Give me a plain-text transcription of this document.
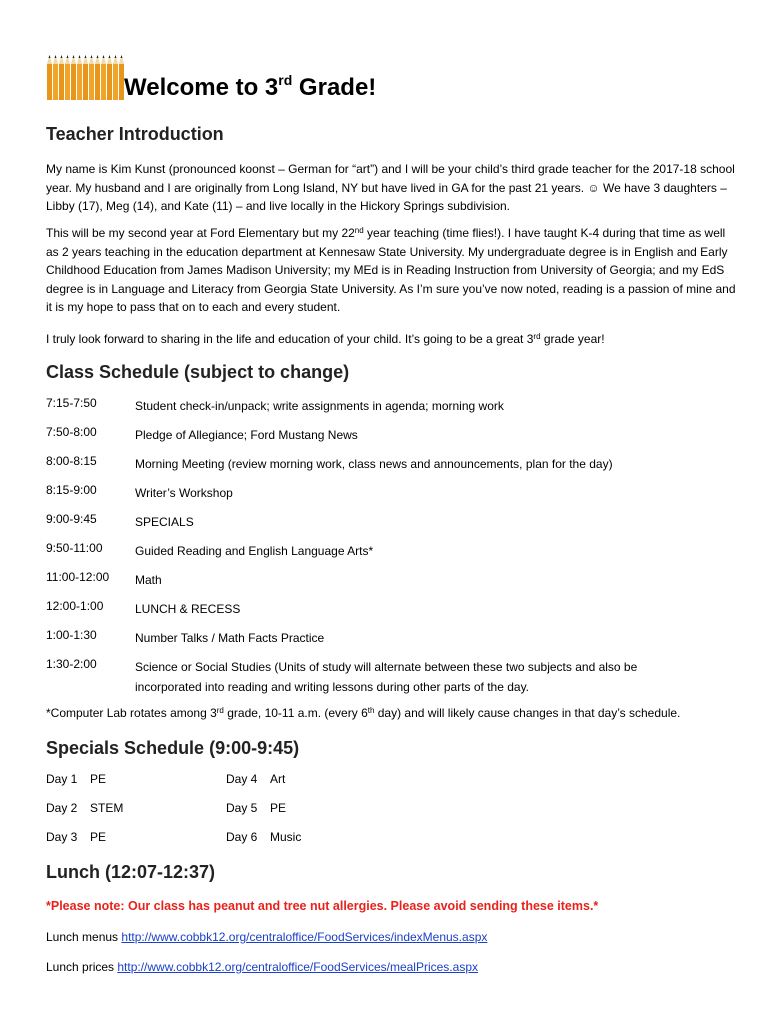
Welcome to 3rd Grade!
Teacher Introduction

My name is Kim Kunst (pronounced koonst – German for “art”) and I will be your child’s third grade teacher for the 2017-18 school year. My husband and I are originally from Long Island, NY but have lived in GA for the past 21 years. ☺ We have 3 daughters – Libby (17), Meg (14), and Kate (11) – and live locally in the Hickory Springs subdivision.

This will be my second year at Ford Elementary but my 22nd year teaching (time flies!). I have taught K-4 during that time as well as 2 years teaching in the education department at Kennesaw State University. My undergraduate degree is in English and Early Childhood Education from James Madison University; my MEd is in Reading Instruction from University of Georgia; and my EdS degree is in Language and Literacy from Georgia State University. As I’m sure you’ve now noted, reading is a passion of mine and it is my hope to pass that on to each and every student.

I truly look forward to sharing in the life and education of your child. It’s going to be a great 3rd grade year!

Class Schedule (subject to change)
7:15-7:50	Student check-in/unpack; write assignments in agenda; morning work
7:50-8:00	Pledge of Allegiance; Ford Mustang News
8:00-8:15	Morning Meeting (review morning work, class news and announcements, plan for the day)
8:15-9:00	Writer’s Workshop
9:00-9:45	SPECIALS
9:50-11:00	Guided Reading and English Language Arts*
11:00-12:00	Math
12:00-1:00	LUNCH & RECESS
1:00-1:30	Number Talks / Math Facts Practice
1:30-2:00	Science or Social Studies (Units of study will alternate between these two subjects and also be incorporated into reading and writing lessons during other parts of the day.
*Computer Lab rotates among 3rd grade, 10-11 a.m. (every 6th day) and will likely cause changes in that day’s schedule.
Specials Schedule (9:00-9:45)
Day 1 PE
Day 2 STEM
Day 3 PE
Day 4 Art
Day 5 PE
Day 6 Music
Lunch (12:07-12:37)
*Please note: Our class has peanut and tree nut allergies. Please avoid sending these items.*
Lunch menus http://www.cobbk12.org/centraloffice/FoodServices/indexMenus.aspx
Lunch prices http://www.cobbk12.org/centraloffice/FoodServices/mealPrices.aspx
